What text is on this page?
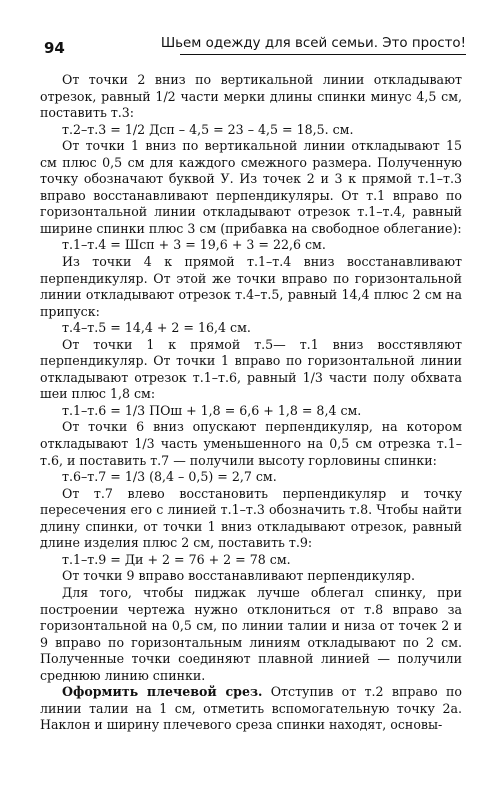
94	Шьем одежду для всей семьи. Это просто!

От точки 2 вниз по вертикальной линии откладывают отрезок, равный 1/2 части мерки длины спинки минус 4,5 см, поставить т.3:

т.2–т.3 = 1/2 Дсп – 4,5 = 23 – 4,5 = 18,5. см.

От точки 1 вниз по вертикальной линии откладывают 15 см плюс 0,5 см для каждого смежного размера. Полученную точку обозначают буквой У. Из точек 2 и 3 к прямой т.1–т.3 вправо восстанавливают перпендикуляры. От т.1 вправо по горизонтальной линии откладывают отрезок т.1–т.4, равный ширине спинки плюс 3 см (прибавка на свободное облегание):

т.1–т.4 = Шсп + 3 = 19,6 + 3 = 22,6 см.

Из точки 4 к прямой т.1–т.4 вниз восстанавливают перпендикуляр. От этой же точки вправо по горизонтальной линии откладывают отрезок т.4–т.5, равный 14,4 плюс 2 см на припуск:

т.4–т.5 = 14,4 + 2 = 16,4 см.

От точки 1 к прямой т.5— т.1 вниз восстявляют перпендикуляр. От точки 1 вправо по горизонтальной линии откладывают отрезок т.1–т.6, равный 1/3 части полу обхвата шеи плюс 1,8 см:

т.1–т.6 = 1/3 ПОш + 1,8 = 6,6 + 1,8 = 8,4 см.

От точки 6 вниз опускают перпендикуляр, на котором откладывают 1/3 часть уменьшенного на 0,5 см отрезка т.1–т.6, и поставить т.7 — получили высоту горловины спинки:

т.6–т.7 = 1/3 (8,4 – 0,5) = 2,7 см.

От т.7 влево восстановить перпендикуляр и точку пересечения его с линией т.1–т.3 обозначить т.8. Чтобы найти длину спинки, от точки 1 вниз откладывают отрезок, равный длине изделия плюс 2 см, поставить т.9:

т.1–т.9 = Ди + 2 = 76 + 2 = 78 см.

От точки 9 вправо восстанавливают перпендикуляр.

Для того, чтобы пиджак лучше облегал спинку, при построении чертежа нужно отклониться от т.8 вправо за горизонтальной на 0,5 см, по линии талии и низа от точек 2 и 9 вправо по горизонтальным линиям откладывают по 2 см. Полученные точки соединяют плавной линией — получили среднюю линию спинки.

Оформить плечевой срез. Отступив от т.2 вправо по линии талии на 1 см, отметить вспомогательную точку 2а. Наклон и ширину плечевого среза спинки находят, основы-
